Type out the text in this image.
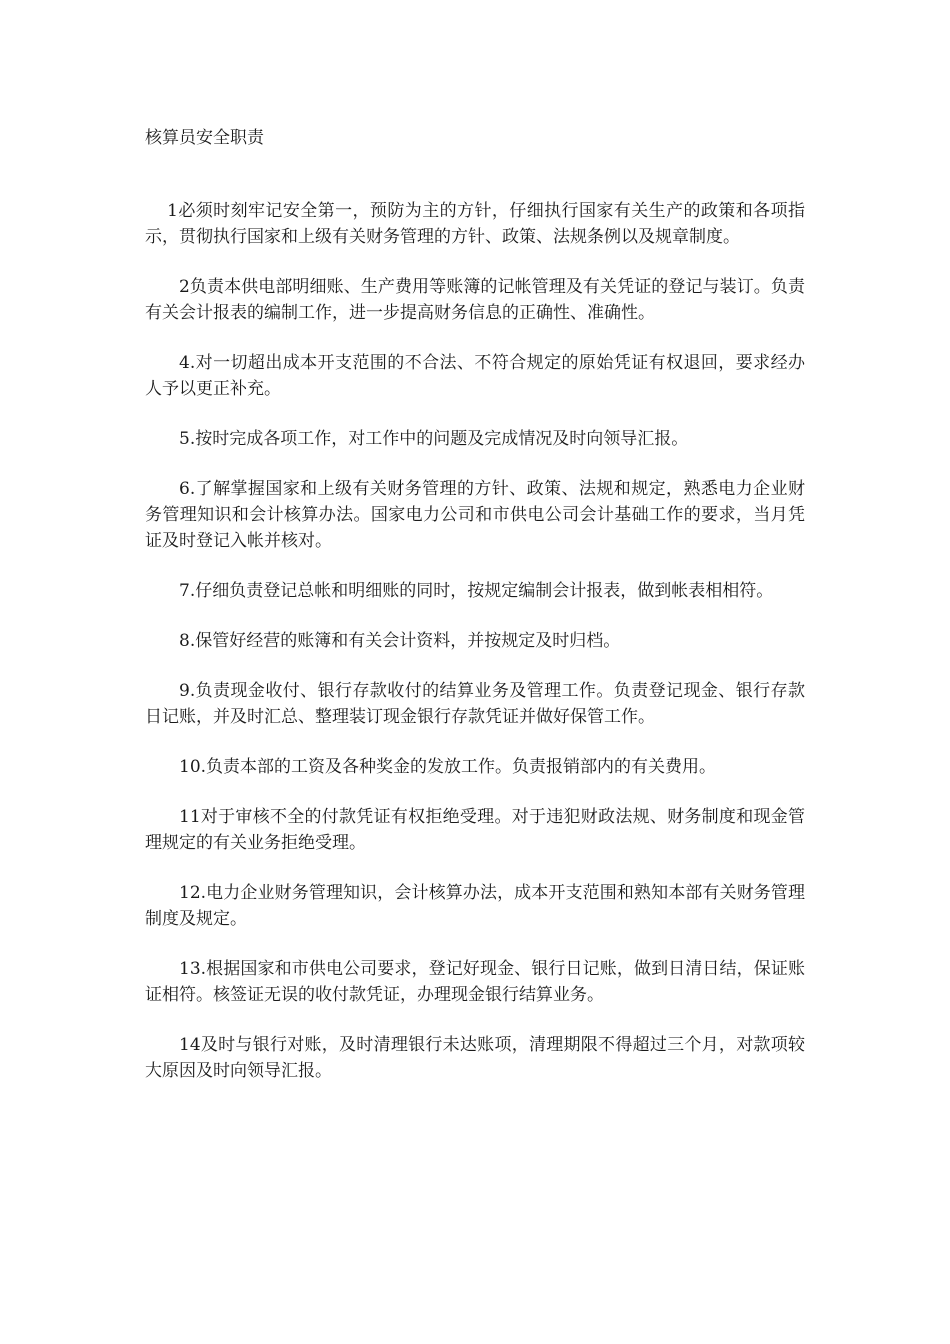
核算员安全职责

1必须时刻牢记安全第一，预防为主的方针，仔细执行国家有关生产的政策和各项指示，贯彻执行国家和上级有关财务管理的方针、政策、法规条例以及规章制度。

2负责本供电部明细账、生产费用等账簿的记帐管理及有关凭证的登记与装订。负责有关会计报表的编制工作，进一步提高财务信息的正确性、准确性。

4.对一切超出成本开支范围的不合法、不符合规定的原始凭证有权退回，要求经办人予以更正补充。

5.按时完成各项工作，对工作中的问题及完成情况及时向领导汇报。

6.了解掌握国家和上级有关财务管理的方针、政策、法规和规定，熟悉电力企业财务管理知识和会计核算办法。国家电力公司和市供电公司会计基础工作的要求，当月凭证及时登记入帐并核对。

7.仔细负责登记总帐和明细账的同时，按规定编制会计报表，做到帐表相相符。

8.保管好经营的账簿和有关会计资料，并按规定及时归档。

9.负责现金收付、银行存款收付的结算业务及管理工作。负责登记现金、银行存款日记账，并及时汇总、整理装订现金银行存款凭证并做好保管工作。

10.负责本部的工资及各种奖金的发放工作。负责报销部内的有关费用。

11对于审核不全的付款凭证有权拒绝受理。对于违犯财政法规、财务制度和现金管理规定的有关业务拒绝受理。

12.电力企业财务管理知识，会计核算办法，成本开支范围和熟知本部有关财务管理制度及规定。

13.根据国家和市供电公司要求，登记好现金、银行日记账，做到日清日结，保证账证相符。核签证无误的收付款凭证，办理现金银行结算业务。

14及时与银行对账，及时清理银行未达账项，清理期限不得超过三个月，对款项较大原因及时向领导汇报。
